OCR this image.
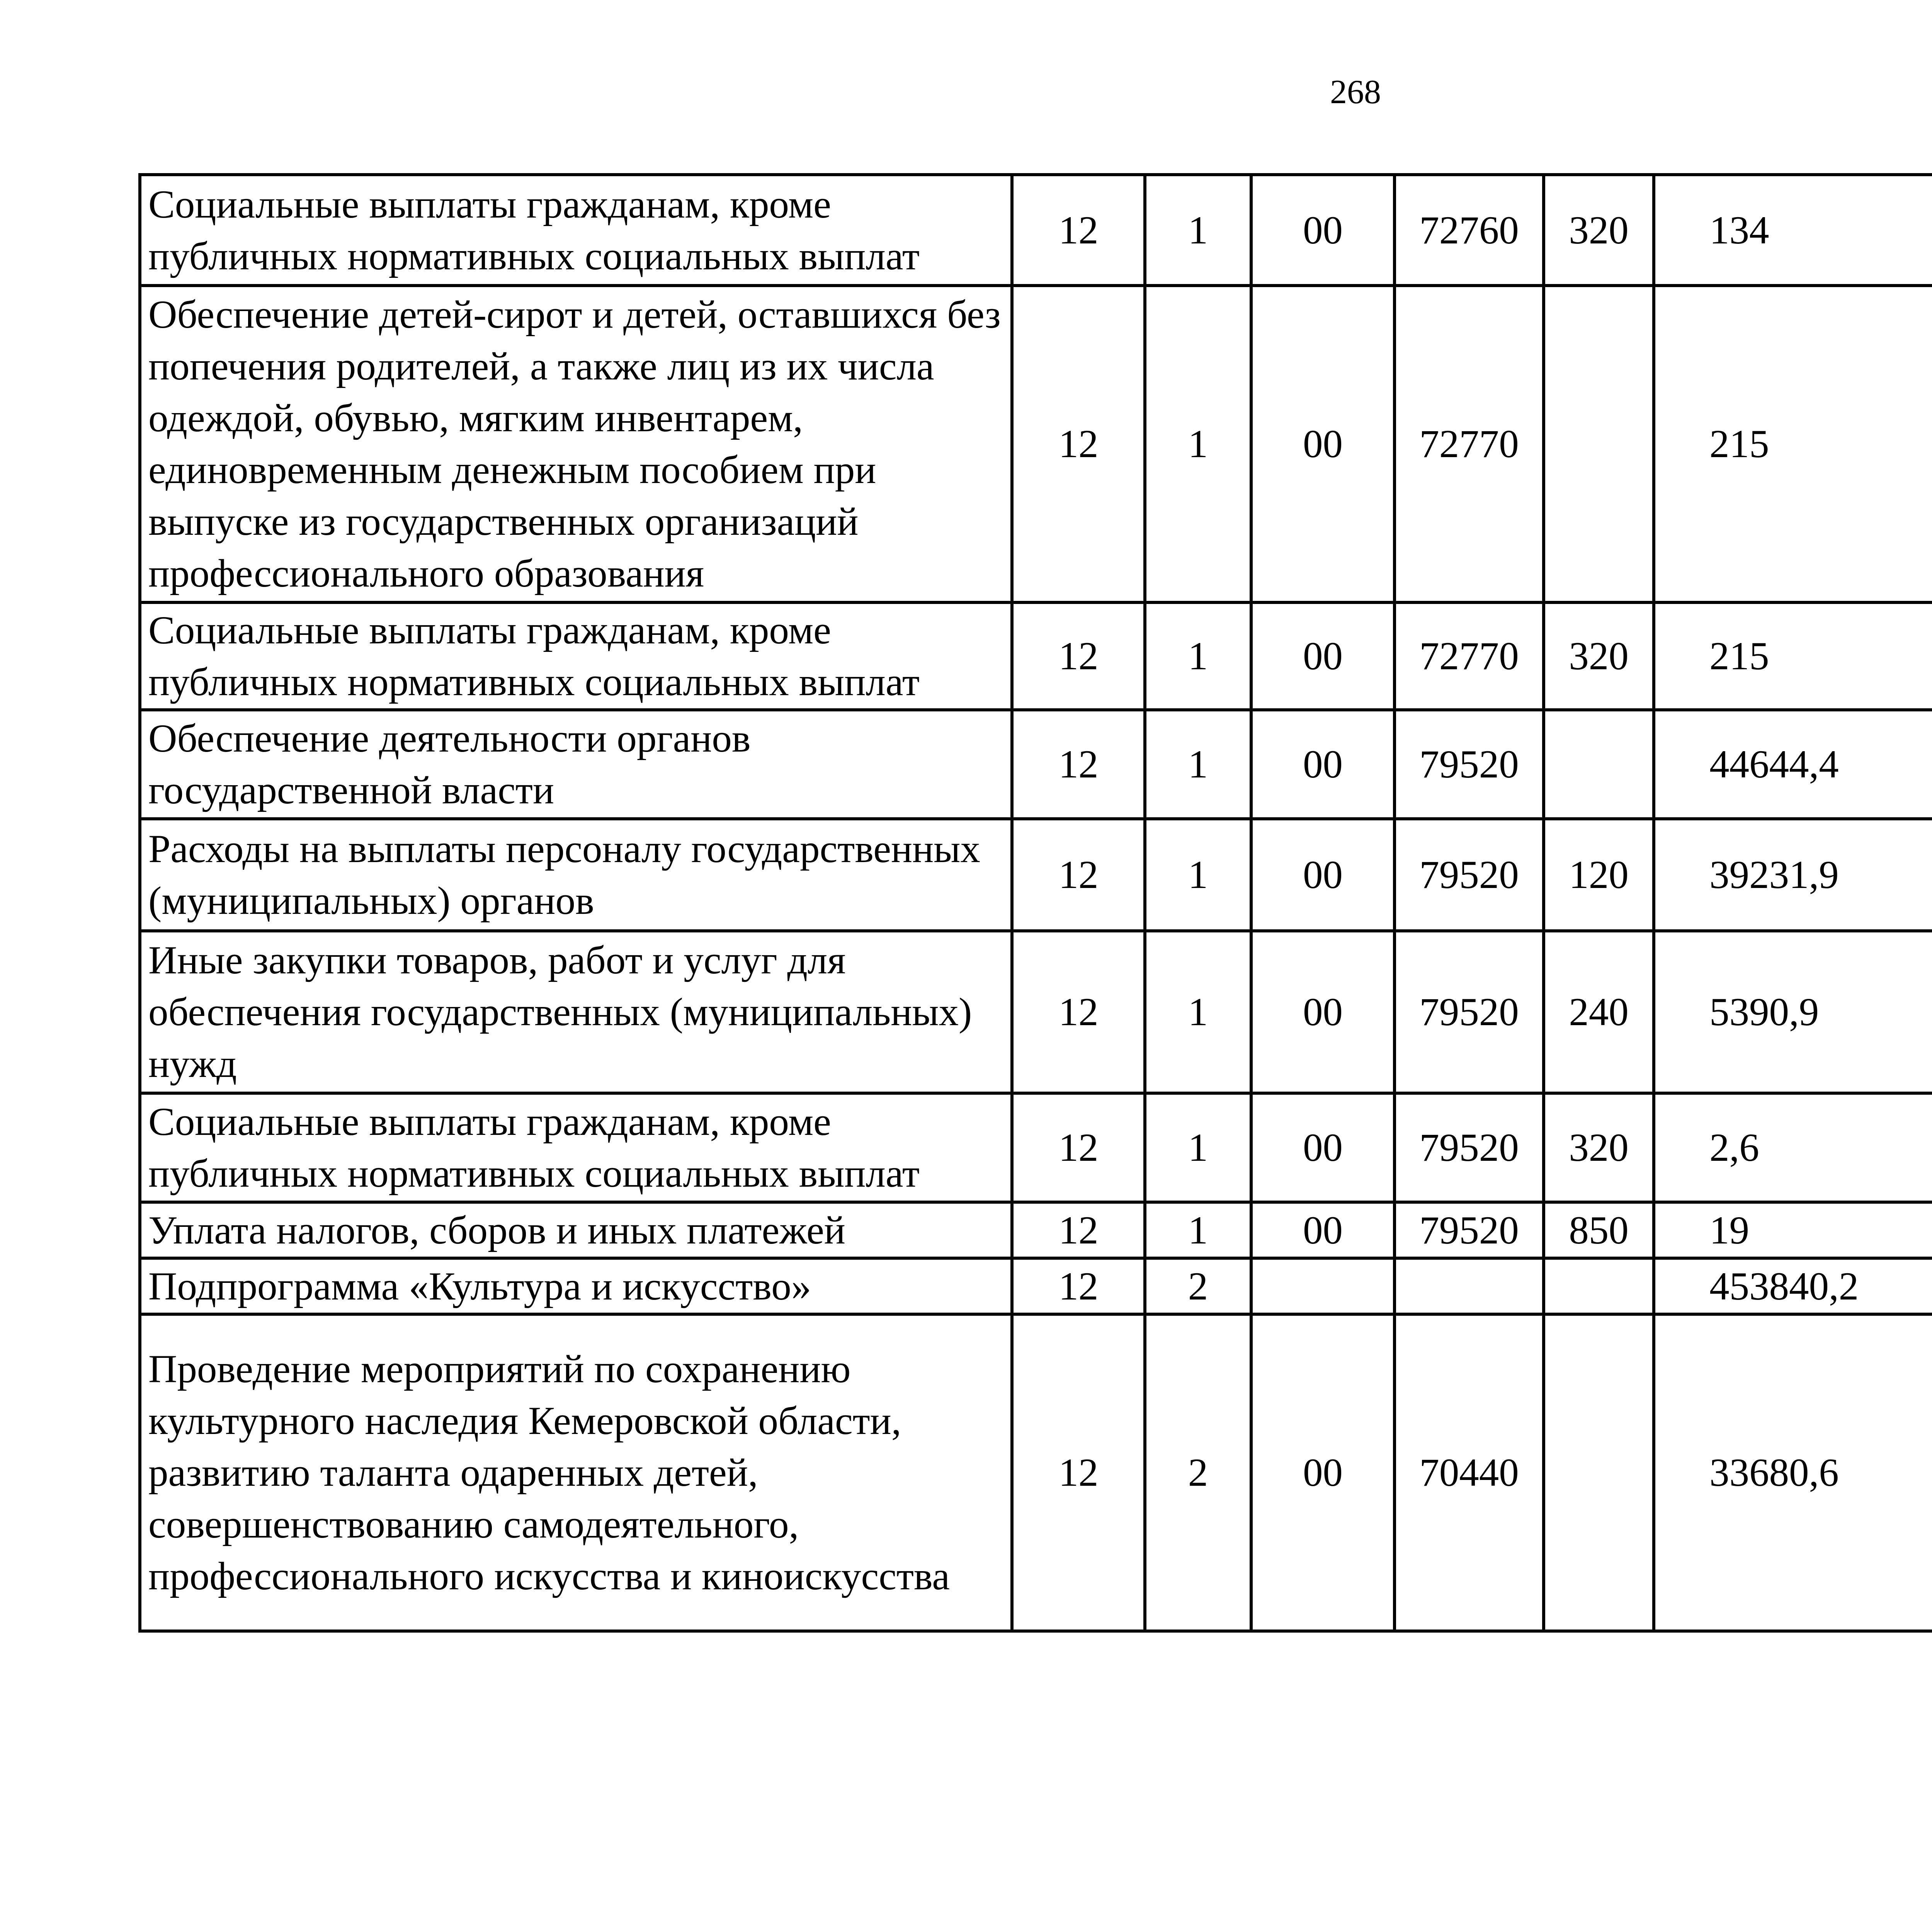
268
Социальные выплаты гражданам, кроме публичных нормативных социальных выплат	12	1	00	72760	320	134		
Обеспечение детей-сирот и детей, оставшихся без попечения родителей, а также лиц из их числа одеждой, обувью, мягким инвентарем, единовременным денежным пособием при выпуске из государственных организаций профессионального образования	12	1	00	72770		215		
Социальные выплаты гражданам, кроме публичных нормативных социальных выплат	12	1	00	72770	320	215		
Обеспечение деятельности органов государственной власти	12	1	00	79520		44644,4		
Расходы на выплаты персоналу государственных (муниципальных) органов	12	1	00	79520	120	39231,9		
Иные закупки товаров, работ и услуг для обеспечения государственных (муниципальных) нужд	12	1	00	79520	240	5390,9		
Социальные выплаты гражданам, кроме публичных нормативных социальных выплат	12	1	00	79520	320	2,6		
Уплата налогов, сборов и иных платежей	12	1	00	79520	850	19		
Подпрограмма «Культура и искусство»	12	2				453840,2		
Проведение мероприятий по сохранению культурного наследия Кемеровской области, развитию таланта одаренных детей, совершенствованию самодеятельного, профессионального искусства и киноискусства	12	2	00	70440		33680,6		
